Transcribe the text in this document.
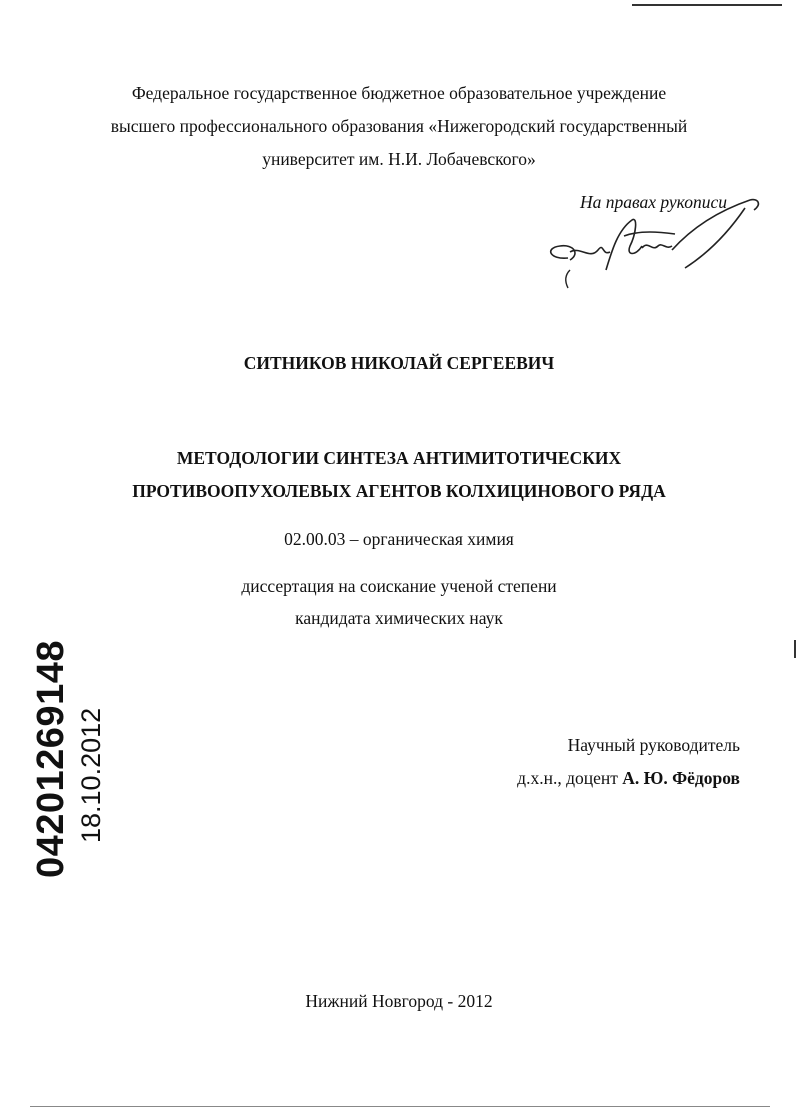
Федеральное государственное бюджетное образовательное учреждение
высшего профессионального образования «Нижегородский государственный
университет им. Н.И. Лобачевского»
На правах рукописи
СИТНИКОВ НИКОЛАЙ СЕРГЕЕВИЧ
МЕТОДОЛОГИИ СИНТЕЗА АНТИМИТОТИЧЕСКИХ
ПРОТИВООПУХОЛЕВЫХ АГЕНТОВ КОЛХИЦИНОВОГО РЯДА
02.00.03 – органическая химия
диссертация на соискание ученой степени
кандидата химических наук
Научный руководитель
д.х.н., доцент А. Ю. Фёдоров
Нижний Новгород - 2012
04201269148 18.10.2012
